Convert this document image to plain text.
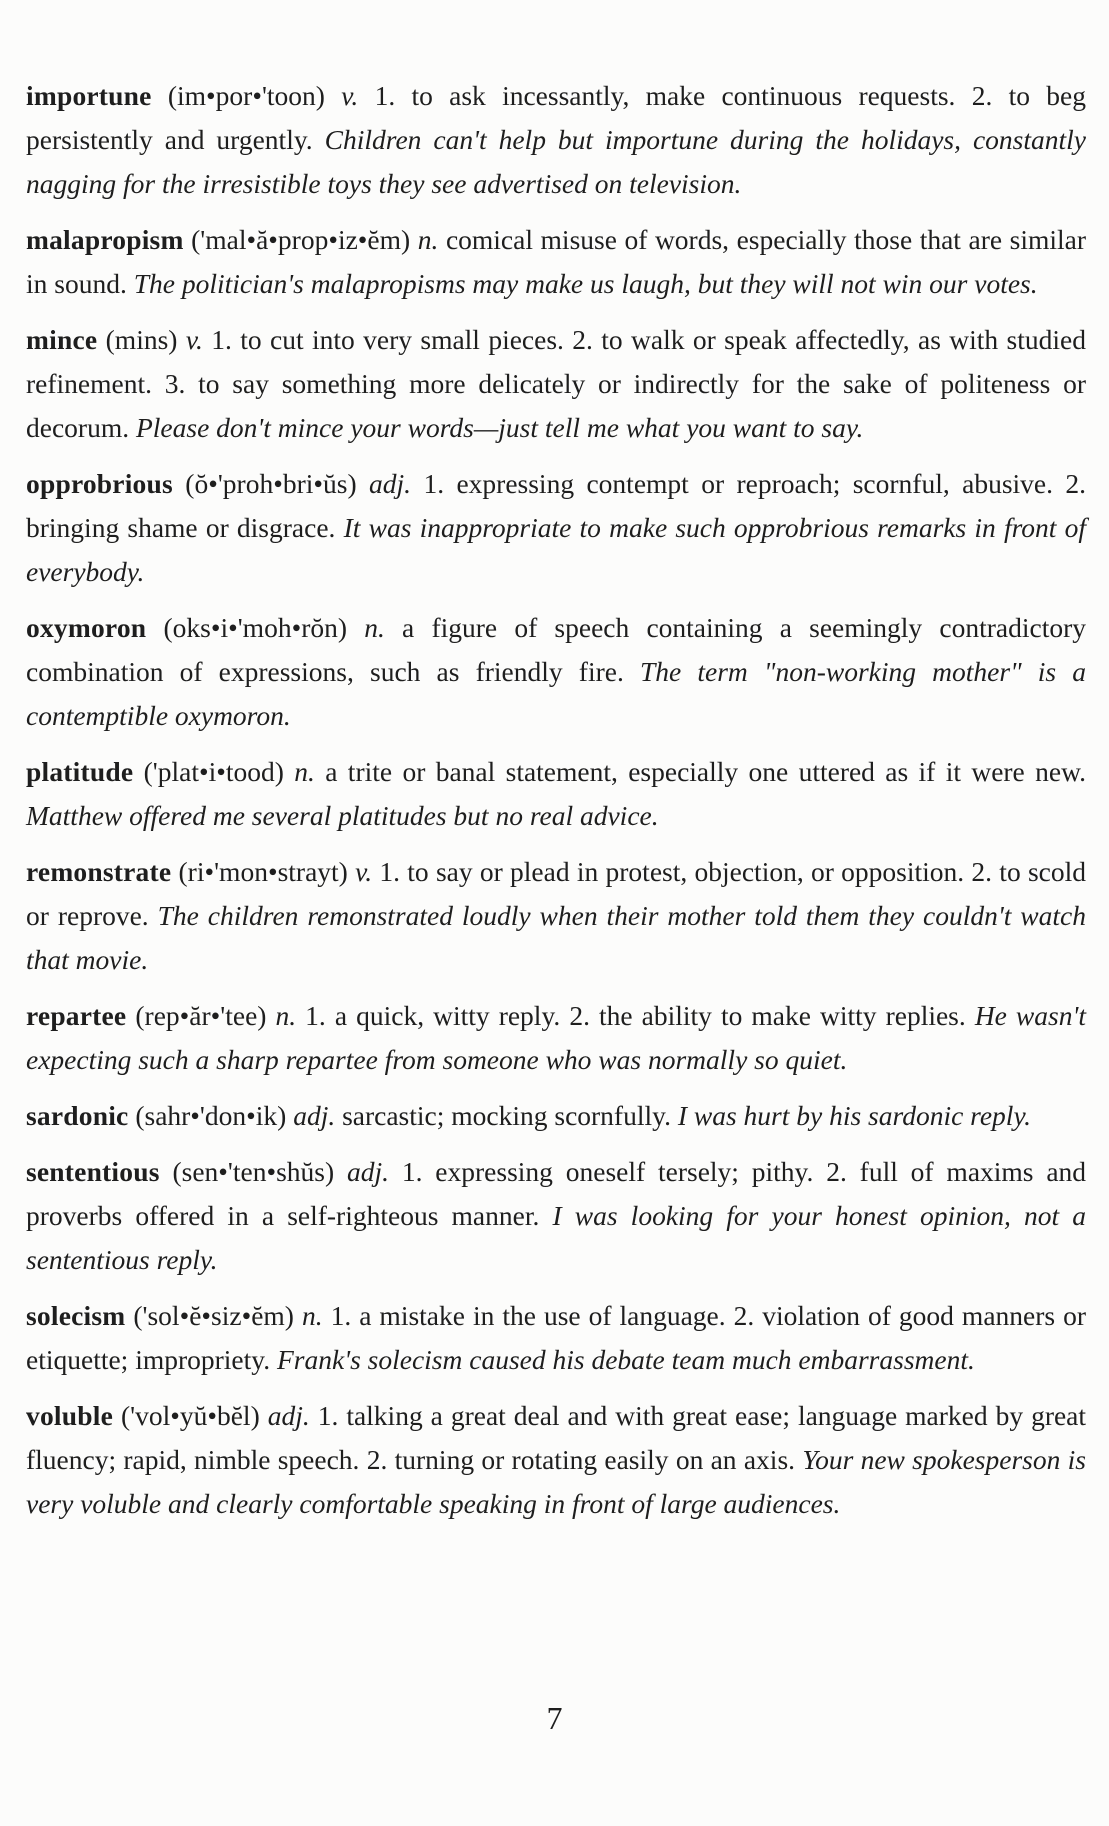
importune (im•por•'toon) v. 1. to ask incessantly, make continuous requests. 2. to beg persistently and urgently. Children can't help but importune during the holidays, constantly nagging for the irresistible toys they see advertised on television.

malapropism ('mal•ă•prop•iz•ĕm) n. comical misuse of words, especially those that are similar in sound. The politician's malapropisms may make us laugh, but they will not win our votes.

mince (mins) v. 1. to cut into very small pieces. 2. to walk or speak affectedly, as with studied refinement. 3. to say something more delicately or indirectly for the sake of politeness or decorum. Please don't mince your words—just tell me what you want to say.

opprobrious (ŏ•'proh•bri•ŭs) adj. 1. expressing contempt or reproach; scornful, abusive. 2. bringing shame or disgrace. It was inappropriate to make such opprobrious remarks in front of everybody.

oxymoron (oks•i•'moh•rŏn) n. a figure of speech containing a seemingly contradictory combination of expressions, such as friendly fire. The term "non-working mother" is a contemptible oxymoron.

platitude ('plat•i•tood) n. a trite or banal statement, especially one uttered as if it were new. Matthew offered me several platitudes but no real advice.

remonstrate (ri•'mon•strayt) v. 1. to say or plead in protest, objection, or opposition. 2. to scold or reprove. The children remonstrated loudly when their mother told them they couldn't watch that movie.

repartee (rep•ăr•'tee) n. 1. a quick, witty reply. 2. the ability to make witty replies. He wasn't expecting such a sharp repartee from someone who was normally so quiet.

sardonic (sahr•'don•ik) adj. sarcastic; mocking scornfully. I was hurt by his sardonic reply.

sententious (sen•'ten•shŭs) adj. 1. expressing oneself tersely; pithy. 2. full of maxims and proverbs offered in a self-righteous manner. I was looking for your honest opinion, not a sententious reply.

solecism ('sol•ĕ•siz•ĕm) n. 1. a mistake in the use of language. 2. violation of good manners or etiquette; impropriety. Frank's solecism caused his debate team much embarrassment.

voluble ('vol•yŭ•bĕl) adj. 1. talking a great deal and with great ease; language marked by great fluency; rapid, nimble speech. 2. turning or rotating easily on an axis. Your new spokesperson is very voluble and clearly comfortable speaking in front of large audiences.

7
